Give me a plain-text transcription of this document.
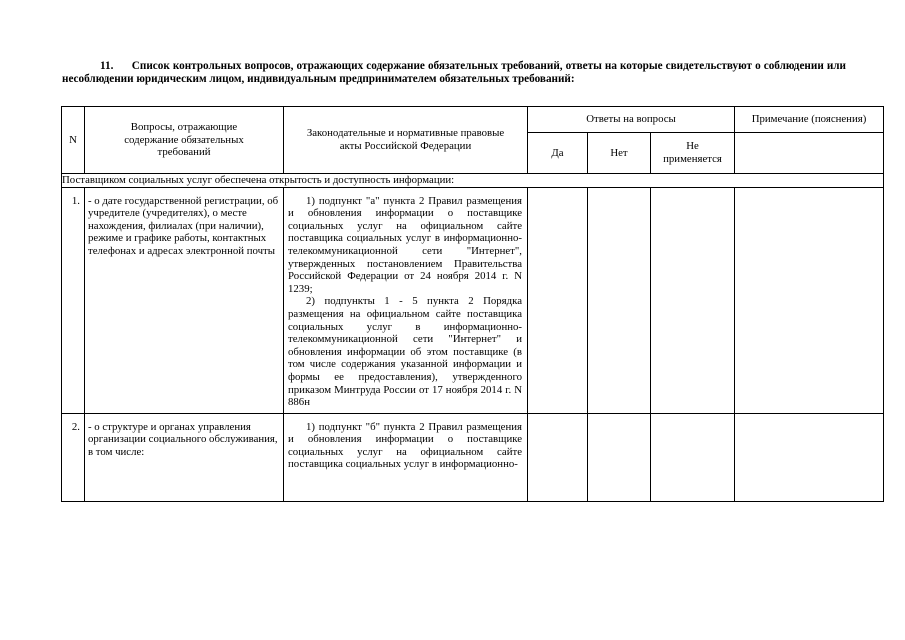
11. Список контрольных вопросов, отражающих содержание обязательных требований, ответы на которые свидетельствуют о соблюдении или несоблюдении юридическим лицом, индивидуальным предпринимателем обязательных требований:
N	Вопросы, отражающие содержание обязательных требований	Законодательные и нормативные правовые акты Российской Федерации	Ответы на вопросы			Примечание (пояснения)
			Да	Нет	Не применяется	
Поставщиком социальных услуг обеспечена открытость и доступность информации:						
1.	- о дате государственной регистрации, об учредителе (учредителях), о месте нахождения, филиалах (при наличии), режиме и графике работы, контактных телефонах и адресах электронной почты	1) подпункт "а" пункта 2 Правил размещения и обновления информации о поставщике социальных услуг на официальном сайте поставщика социальных услуг в информационно-телекоммуникационной сети "Интернет", утвержденных постановлением Правительства Российской Федерации от 24 ноября 2014 г. N 1239;

2) подпункты 1 - 5 пункта 2 Порядка размещения на официальном сайте поставщика социальных услуг в информационно-телекоммуникационной сети "Интернет" и обновления информации об этом поставщике (в том числе содержания указанной информации и формы ее предоставления), утвержденного приказом Минтруда России от 17 ноября 2014 г. N 886н				

2.	- о структуре и органах управления организации социального обслуживания, в том числе:	1) подпункт "б" пункта 2 Правил размещения и обновления информации о поставщике социальных услуг на официальном сайте поставщика социальных услуг в информационно-				
